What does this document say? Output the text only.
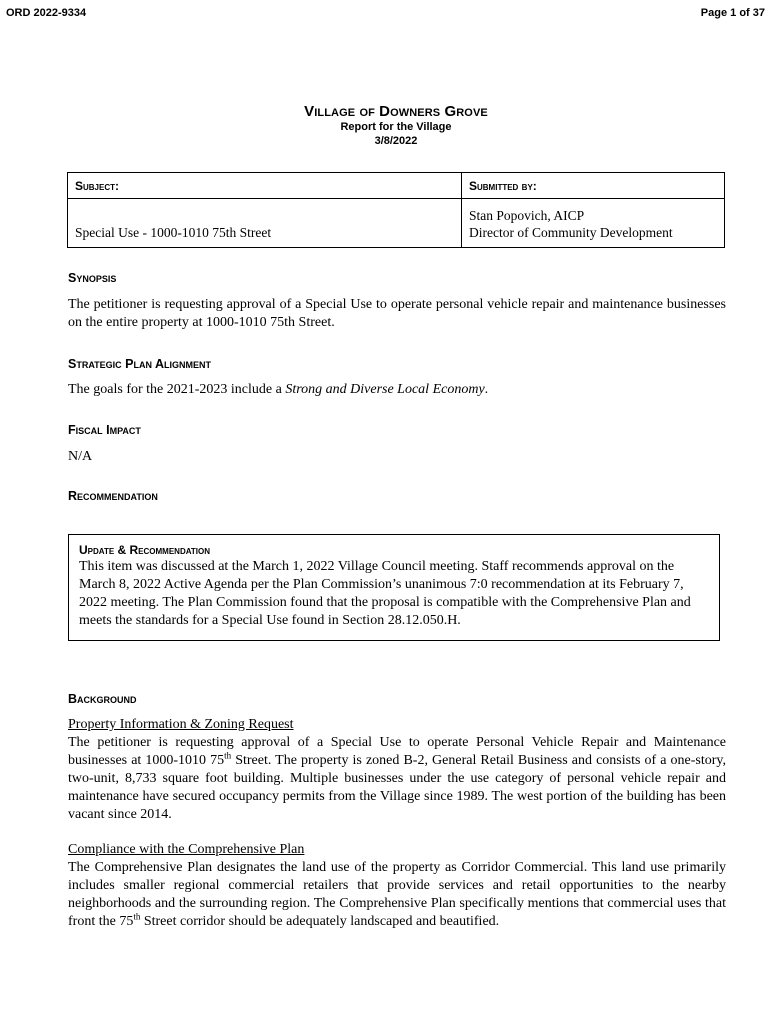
ORD 2022-9334	Page 1 of 37
Village of Downers Grove
Report for the Village
3/8/2022
Subject:	Submitted by:

Special Use - 1000-1010 75th Street	Stan Popovich, AICP
Director of Community Development
Synopsis
The petitioner is requesting approval of a Special Use to operate personal vehicle repair and maintenance businesses on the entire property at 1000-1010 75th Street.
Strategic Plan Alignment
The goals for the 2021-2023 include a Strong and Diverse Local Economy.
Fiscal Impact
N/A
Recommendation
Update & Recommendation
This item was discussed at the March 1, 2022 Village Council meeting. Staff recommends approval on the March 8, 2022 Active Agenda per the Plan Commission’s unanimous 7:0 recommendation at its February 7, 2022 meeting. The Plan Commission found that the proposal is compatible with the Comprehensive Plan and meets the standards for a Special Use found in Section 28.12.050.H.
Background
Property Information & Zoning Request
The petitioner is requesting approval of a Special Use to operate Personal Vehicle Repair and Maintenance businesses at 1000-1010 75th Street. The property is zoned B-2, General Retail Business and consists of a one-story, two-unit, 8,733 square foot building. Multiple businesses under the use category of personal vehicle repair and maintenance have secured occupancy permits from the Village since 1989. The west portion of the building has been vacant since 2014.
Compliance with the Comprehensive Plan
The Comprehensive Plan designates the land use of the property as Corridor Commercial. This land use primarily includes smaller regional commercial retailers that provide services and retail opportunities to the nearby neighborhoods and the surrounding region. The Comprehensive Plan specifically mentions that commercial uses that front the 75th Street corridor should be adequately landscaped and beautified.
